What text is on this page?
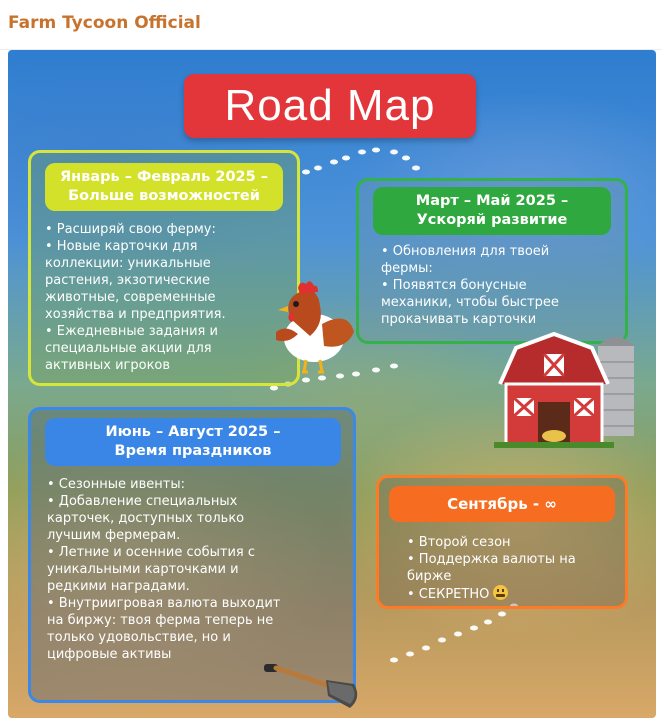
Farm Tycoon Official
Road Map
Январь – Февраль 2025 –
Больше возможностей
• Расширяй свою ферму:
• Новые карточки для
коллекции: уникальные
растения, экзотические
животные, современные
хозяйства и предприятия.
• Ежедневные задания и
специальные акции для
активных игроков
Март – Май 2025 –
Ускоряй развитие
• Обновления для твоей
фермы:
• Появятся бонусные
механики, чтобы быстрее
прокачивать карточки
Июнь – Август 2025 –
Время праздников
• Сезонные ивенты:
• Добавление специальных
карточек, доступных только
лучшим фермерам.
• Летние и осенние события с
уникальными карточками и
редкими наградами.
• Внутриигровая валюта выходит
на биржу: твоя ферма теперь не
только удовольствие, но и
цифровые активы
Сентябрь - ∞
• Второй сезон
• Поддержка валюты на
бирже
• СЕКРЕТНО
